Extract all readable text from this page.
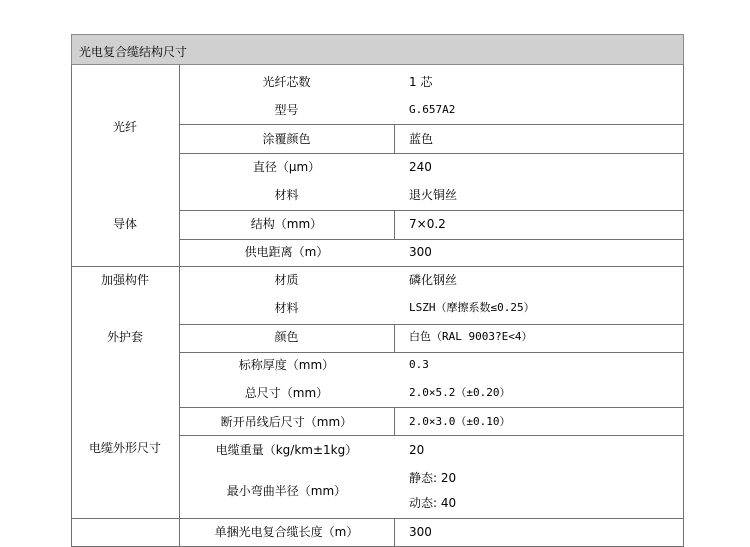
光电复合缆结构尺寸
光纤
导体
加强构件
外护套
电缆外形尺寸
光纤芯数
型号
涂覆颜色
直径（μm）
材料
结构（mm）
供电距离（m）
材质
材料
颜色
标称厚度（mm）
总尺寸（mm）
断开吊线后尺寸（mm）
电缆重量（kg/km±1kg）
最小弯曲半径（mm）
单捆光电复合缆长度（m）
1 芯
G.657A2
蓝色
240
退火铜丝
7×0.2
300
磷化钢丝
LSZH（摩擦系数≤0.25）
白色（RAL 9003?E<4）
0.3
2.0×5.2（±0.20）
2.0×3.0（±0.10）
20
静态: 20
动态: 40
300
